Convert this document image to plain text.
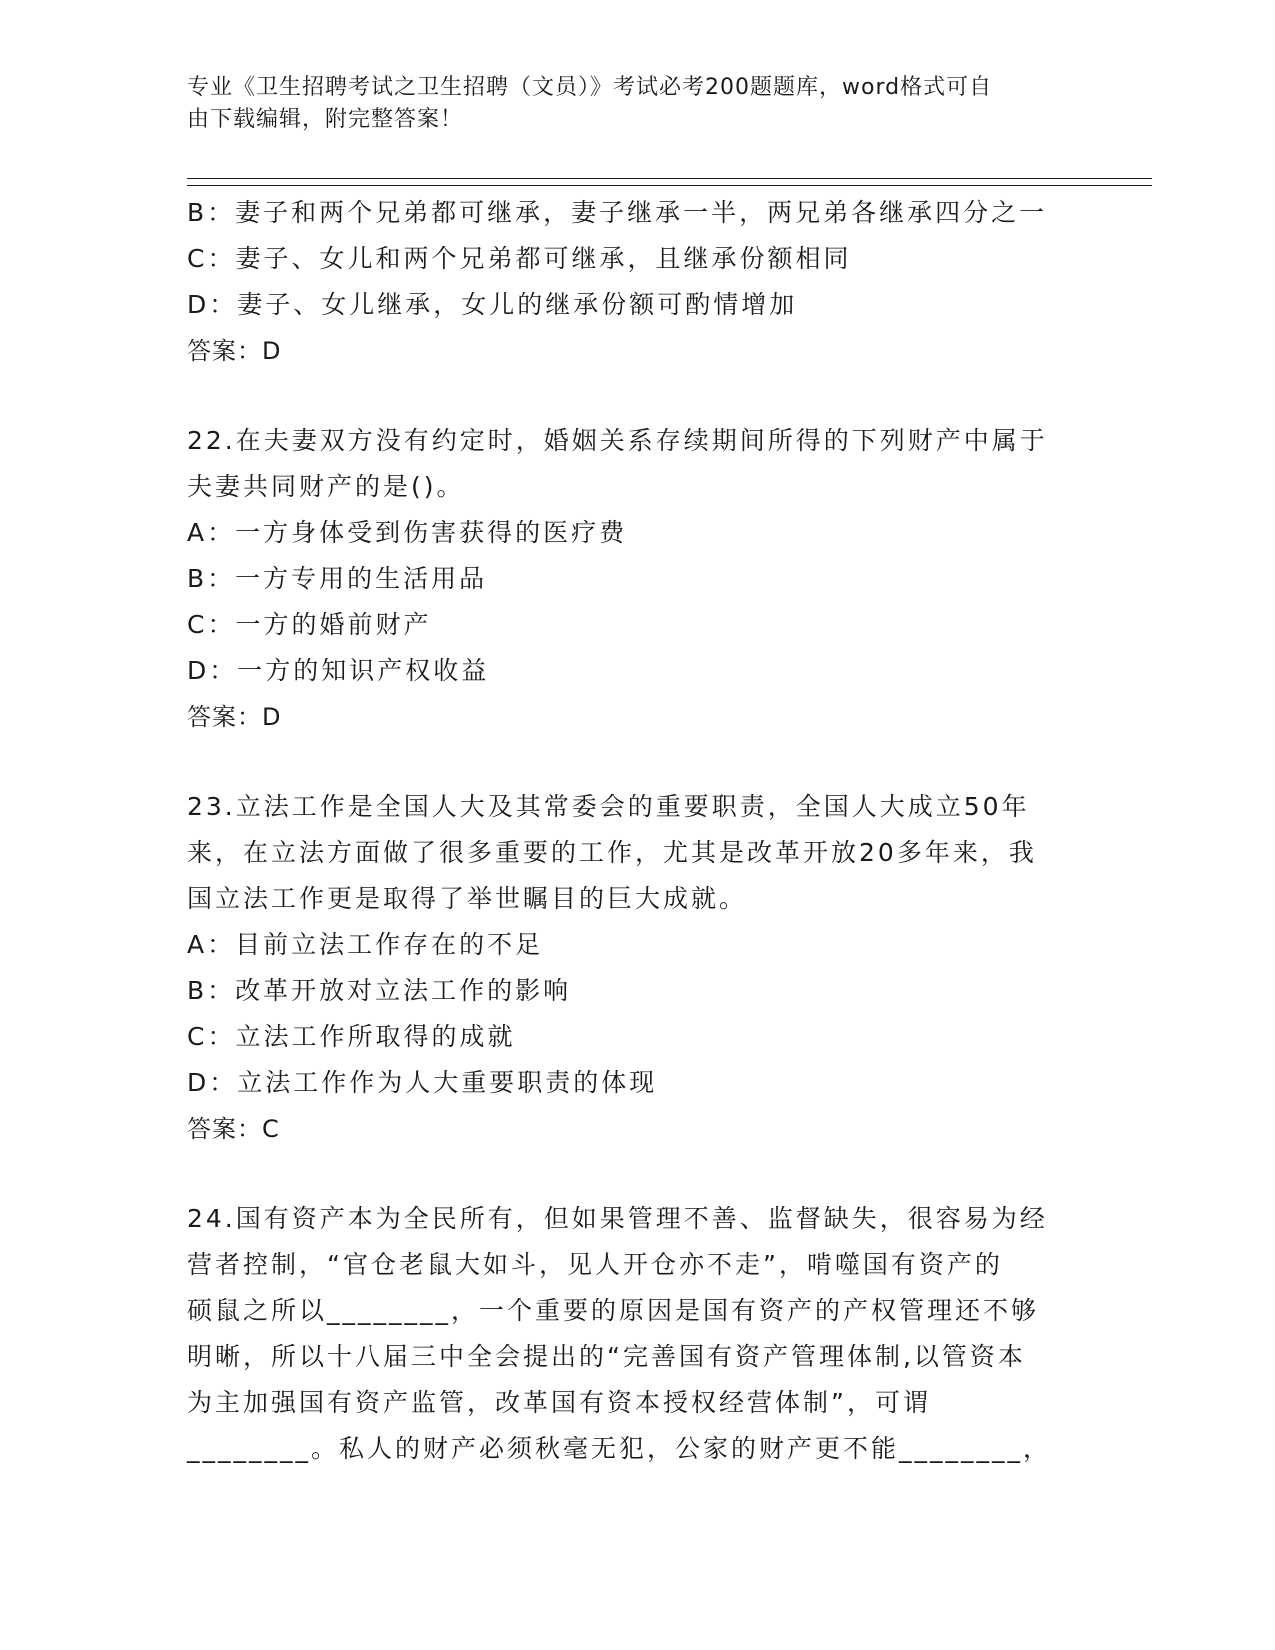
专业《卫生招聘考试之卫生招聘（文员）》考试必考200题题库，word格式可自
由下载编辑，附完整答案！
B：妻子和两个兄弟都可继承，妻子继承一半，两兄弟各继承四分之一
C：妻子、女儿和两个兄弟都可继承，且继承份额相同
D：妻子、女儿继承，女儿的继承份额可酌情增加
答案：D
22.在夫妻双方没有约定时，婚姻关系存续期间所得的下列财产中属于
夫妻共同财产的是()。
A：一方身体受到伤害获得的医疗费
B：一方专用的生活用品
C：一方的婚前财产
D：一方的知识产权收益
答案：D
23.立法工作是全国人大及其常委会的重要职责，全国人大成立50年
来，在立法方面做了很多重要的工作，尤其是改革开放20多年来，我
国立法工作更是取得了举世瞩目的巨大成就。
A：目前立法工作存在的不足
B：改革开放对立法工作的影响
C：立法工作所取得的成就
D：立法工作作为人大重要职责的体现
答案：C
24.国有资产本为全民所有，但如果管理不善、监督缺失，很容易为经
营者控制，“官仓老鼠大如斗，见人开仓亦不走”，啃噬国有资产的
硕鼠之所以________，一个重要的原因是国有资产的产权管理还不够
明晰，所以十八届三中全会提出的“完善国有资产管理体制,以管资本
为主加强国有资产监管，改革国有资本授权经营体制”，可谓
________。私人的财产必须秋毫无犯，公家的财产更不能________，
